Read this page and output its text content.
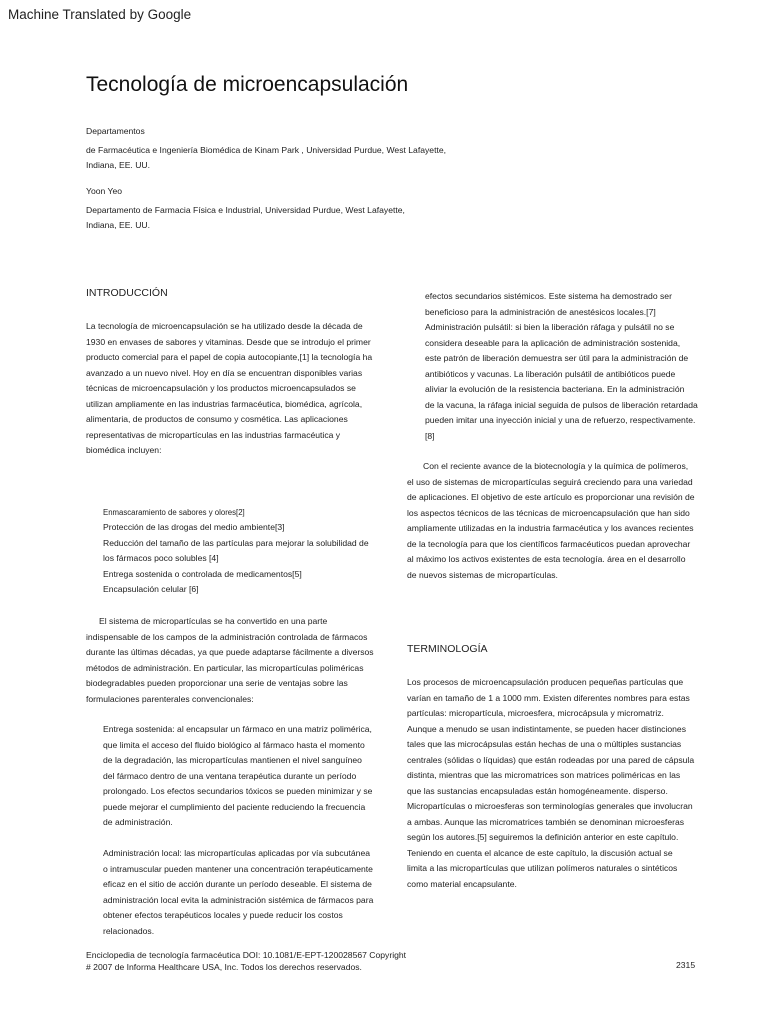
Machine Translated by Google
Tecnología de microencapsulación
Departamentos
de Farmacéutica e Ingeniería Biomédica de Kinam Park , Universidad Purdue, West Lafayette,
Indiana, EE. UU.
Yoon Yeo
Departamento de Farmacia Física e Industrial, Universidad Purdue, West Lafayette,
Indiana, EE. UU.
INTRODUCCIÓN

La tecnología de microencapsulación se ha utilizado desde la década de

1930 en envases de sabores y vitaminas. Desde que se introdujo el primer

producto comercial para el papel de copia autocopiante,[1] la tecnología ha

avanzado a un nuevo nivel. Hoy en día se encuentran disponibles varias

técnicas de microencapsulación y los productos microencapsulados se

utilizan ampliamente en las industrias farmacéutica, biomédica, agrícola,

alimentaria, de productos de consumo y cosmética. Las aplicaciones

representativas de micropartículas en las industrias farmacéutica y

biomédica incluyen:

Enmascaramiento de sabores y olores[2]
Protección de las drogas del medio ambiente[3]
Reducción del tamaño de las partículas para mejorar la solubilidad de
los fármacos poco solubles [4]
Entrega sostenida o controlada de medicamentos[5]
Encapsulación celular [6]

El sistema de micropartículas se ha convertido en una parte

indispensable de los campos de la administración controlada de fármacos

durante las últimas décadas, ya que puede adaptarse fácilmente a diversos

métodos de administración. En particular, las micropartículas poliméricas

biodegradables pueden proporcionar una serie de ventajas sobre las

formulaciones parenterales convencionales:

Entrega sostenida: al encapsular un fármaco en una matriz polimérica,

que limita el acceso del fluido biológico al fármaco hasta el momento

de la degradación, las micropartículas mantienen el nivel sanguíneo

del fármaco dentro de una ventana terapéutica durante un período

prolongado. Los efectos secundarios tóxicos se pueden minimizar y se

puede mejorar el cumplimiento del paciente reduciendo la frecuencia

de administración.

Administración local: las micropartículas aplicadas por vía subcutánea

o intramuscular pueden mantener una concentración terapéuticamente

eficaz en el sitio de acción durante un período deseable. El sistema de

administración local evita la administración sistémica de fármacos para

obtener efectos terapéuticos locales y puede reducir los costos

relacionados.

efectos secundarios sistémicos. Este sistema ha demostrado ser

beneficioso para la administración de anestésicos locales.[7]

Administración pulsátil: si bien la liberación ráfaga y pulsátil no se

considera deseable para la aplicación de administración sostenida,

este patrón de liberación demuestra ser útil para la administración de

antibióticos y vacunas. La liberación pulsátil de antibióticos puede

aliviar la evolución de la resistencia bacteriana. En la administración

de la vacuna, la ráfaga inicial seguida de pulsos de liberación retardada

pueden imitar una inyección inicial y una de refuerzo, respectivamente.

[8]

Con el reciente avance de la biotecnología y la química de polímeros,

el uso de sistemas de micropartículas seguirá creciendo para una variedad

de aplicaciones. El objetivo de este artículo es proporcionar una revisión de

los aspectos técnicos de las técnicas de microencapsulación que han sido

ampliamente utilizadas en la industria farmacéutica y los avances recientes

de la tecnología para que los científicos farmacéuticos puedan aprovechar

al máximo los activos existentes de esta tecnología. área en el desarrollo

de nuevos sistemas de micropartículas.

TERMINOLOGÍA

Los procesos de microencapsulación producen pequeñas partículas que

varían en tamaño de 1 a 1000 mm. Existen diferentes nombres para estas

partículas: micropartícula, microesfera, microcápsula y micromatriz.

Aunque a menudo se usan indistintamente, se pueden hacer distinciones

tales que las microcápsulas están hechas de una o múltiples sustancias

centrales (sólidas o líquidas) que están rodeadas por una pared de cápsula

distinta, mientras que las micromatrices son matrices poliméricas en las

que las sustancias encapsuladas están homogéneamente. disperso.

Micropartículas o microesferas son terminologías generales que involucran

a ambas. Aunque las micromatrices también se denominan microesferas

según los autores.[5] seguiremos la definición anterior en este capítulo.

Teniendo en cuenta el alcance de este capítulo, la discusión actual se

limita a las micropartículas que utilizan polímeros naturales o sintéticos

como material encapsulante.

Enciclopedia de tecnología farmacéutica DOI: 10.1081/E-EPT-120028567 Copyright
# 2007 de Informa Healthcare USA, Inc. Todos los derechos reservados.	2315
